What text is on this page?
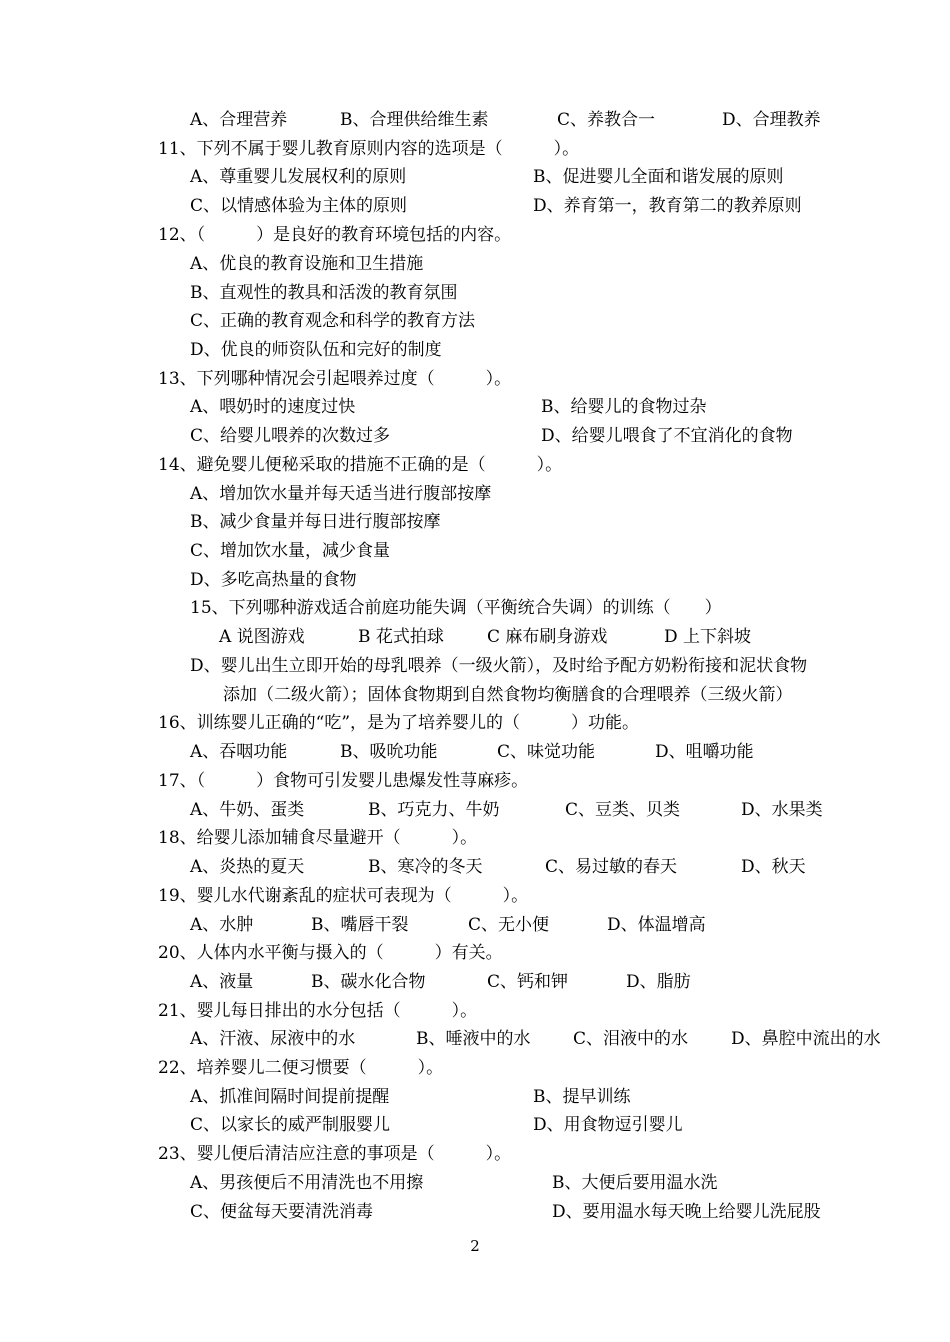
A、合理营养	B、合理供给维生素	C、养教合一	D、合理教养
11、下列不属于婴儿教育原则内容的选项是（　　　）。
A、尊重婴儿发展权利的原则	B、促进婴儿全面和谐发展的原则
C、以情感体验为主体的原则	D、养育第一，教育第二的教养原则
12、（　　　）是良好的教育环境包括的内容。
A、优良的教育设施和卫生措施
B、直观性的教具和活泼的教育氛围
C、正确的教育观念和科学的教育方法
D、优良的师资队伍和完好的制度
13、下列哪种情况会引起喂养过度（　　　）。
A、喂奶时的速度过快	B、给婴儿的食物过杂
C、给婴儿喂养的次数过多	D、给婴儿喂食了不宜消化的食物
14、避免婴儿便秘采取的措施不正确的是（　　　）。
A、增加饮水量并每天适当进行腹部按摩
B、减少食量并每日进行腹部按摩
C、增加饮水量，减少食量
D、多吃高热量的食物
15、下列哪种游戏适合前庭功能失调（平衡统合失调）的训练（　　）
A 说图游戏	B 花式拍球	C 麻布刷身游戏	D 上下斜坡
D、婴儿出生立即开始的母乳喂养（一级火箭），及时给予配方奶粉衔接和泥状食物
添加（二级火箭）；固体食物期到自然食物均衡膳食的合理喂养（三级火箭）
16、训练婴儿正确的“吃”，是为了培养婴儿的（　　　）功能。
A、吞咽功能	B、吸吮功能	C、味觉功能	D、咀嚼功能
17、（　　　）食物可引发婴儿患爆发性荨麻疹。
A、牛奶、蛋类	B、巧克力、牛奶	C、豆类、贝类	D、水果类
18、给婴儿添加辅食尽量避开（　　　）。
A、炎热的夏天	B、寒冷的冬天	C、易过敏的春天	D、秋天
19、婴儿水代谢紊乱的症状可表现为（　　　）。
A、水肿	B、嘴唇干裂	C、无小便	D、体温增高
20、人体内水平衡与摄入的（　　　）有关。
A、液量	B、碳水化合物	C、钙和钾	D、脂肪
21、婴儿每日排出的水分包括（　　　）。
A、汗液、尿液中的水	B、唾液中的水	C、泪液中的水	D、鼻腔中流出的水
22、培养婴儿二便习惯要（　　　）。
A、抓准间隔时间提前提醒	B、提早训练
C、以家长的威严制服婴儿	D、用食物逗引婴儿
23、婴儿便后清洁应注意的事项是（　　　）。
A、男孩便后不用清洗也不用擦	B、大便后要用温水洗
C、便盆每天要清洗消毒	D、要用温水每天晚上给婴儿洗屁股
2
